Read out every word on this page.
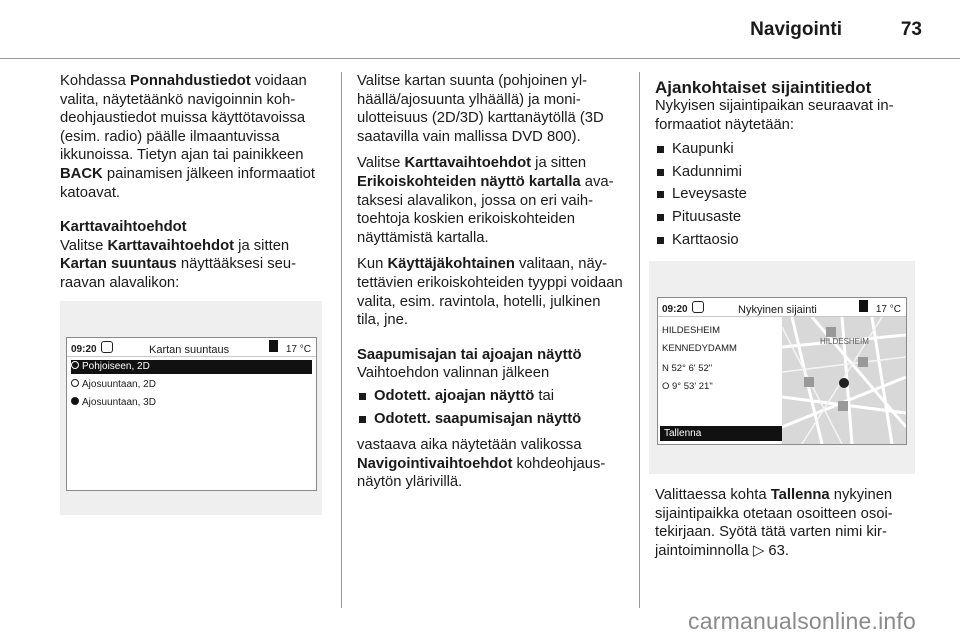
Navigointi	73

Kohdassa Ponnahdustiedot voidaan valita, näytetäänkö navigoinnin kohdeohjaustiedot muissa käyttötavoissa (esim. radio) päälle ilmaantuvissa ikkunoissa. Tietyn ajan tai painikkeen BACK painamisen jälkeen informaatiot katoavat.

Karttavaihtoehdot

Valitse Karttavaihtoehdot ja sitten Kartan suuntaus näyttääksesi seuraavan alavalikon:

09:20	Kartan suuntaus	17 °C
Pohjoiseen, 2D
Ajosuuntaan, 2D
Ajosuuntaan, 3D

Valitse kartan suunta (pohjoinen ylhäällä/ajosuunta ylhäällä) ja moniulotteisuus (2D/3D) karttanäytöllä (3D saatavilla vain mallissa DVD 800).

Valitse Karttavaihtoehdot ja sitten Erikoiskohteiden näyttö kartalla avataksesi alavalikon, jossa on eri vaihtoehtoja koskien erikoiskohteiden näyttämistä kartalla.

Kun Käyttäjäkohtainen valitaan, näytettävien erikoiskohteiden tyyppi voidaan valita, esim. ravintola, hotelli, julkinen tila, jne.

Saapumisajan tai ajoajan näyttö
Vaihtoehdon valinnan jälkeen
Odotett. ajoajan näyttö tai
Odotett. saapumisajan näyttö

vastaava aika näytetään valikossa Navigointivaihtoehdot kohdeohjausnäytön ylärivillä.

Ajankohtaiset sijaintitiedot
Nykyisen sijaintipaikan seuraavat informaatiot näytetään:
Kaupunki
Kadunnimi
Leveysaste
Pituusaste
Karttaosio
09:20	Nykyinen sijainti	17 °C
HILDESHEIM
KENNEDYDAMM
N 52° 6' 52"
O 9° 53' 21"
Tallenna
HILDESHEIM

Valittaessa kohta Tallenna nykyinen sijaintipaikka otetaan osoitteen osoitekirjaan. Syötä tätä varten nimi kirjaintoiminnolla ▷ 63.

carmanualsonline.info
